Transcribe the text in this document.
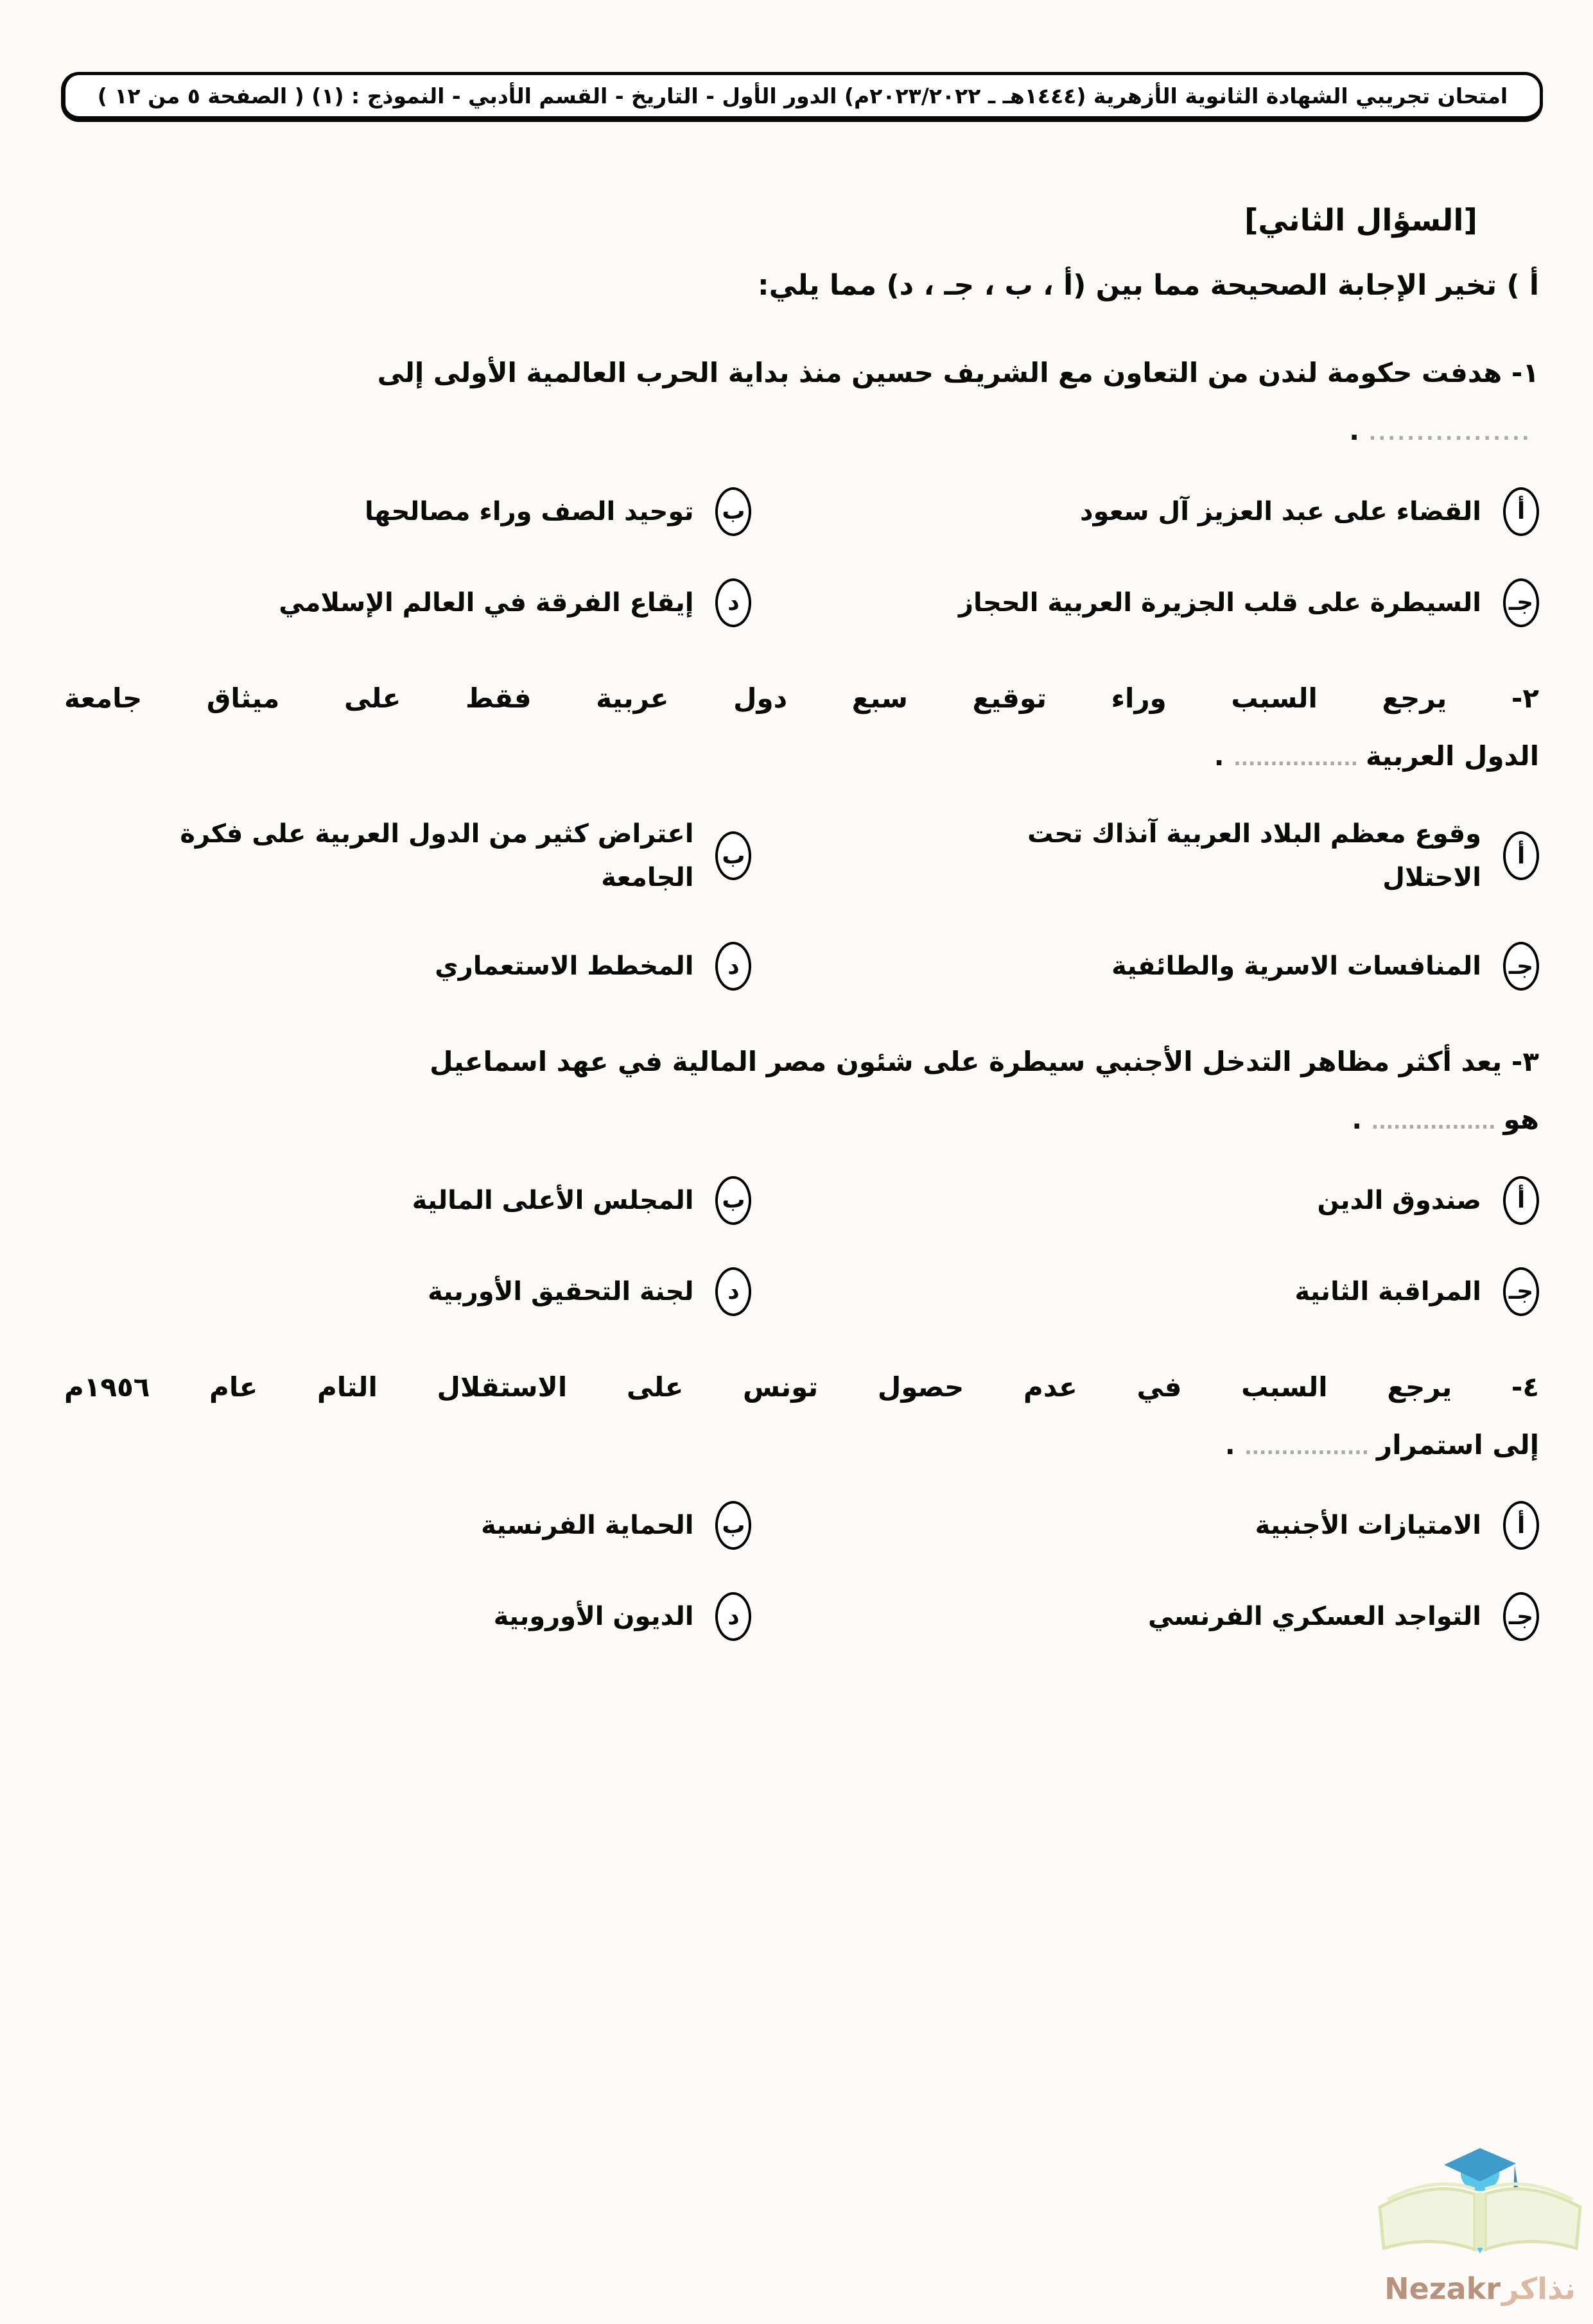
امتحان تجريبي الشهادة الثانوية الأزهرية (١٤٤٤هـ ـ ٢٠٢٣/٢٠٢٢م) الدور الأول - التاريخ - القسم الأدبي - النموذج : (١) ( الصفحة ٥ من ١٢ )
[السؤال الثاني]
أ ) تخير الإجابة الصحيحة مما بين (أ ، ب ، جـ ، د) مما يلي:
١- هدفت حكومة لندن من التعاون مع الشريف حسين منذ بداية الحرب العالمية الأولى إلى
................. .
أ
القضاء على عبد العزيز آل سعود
ب
توحيد الصف وراء مصالحها
جـ
السيطرة على قلب الجزيرة العربية الحجاز
د
إيقاع الفرقة في العالم الإسلامي
٢- يرجع السبب وراء توقيع سبع دول عربية فقط على ميثاق جامعة
الدول العربية................. .
أ
وقوع معظم البلاد العربية آنذاك تحت الاحتلال
ب
اعتراض كثير من الدول العربية على فكرة الجامعة
جـ
المنافسات الاسرية والطائفية
د
المخطط الاستعماري
٣- يعد أكثر مظاهر التدخل الأجنبي سيطرة على شئون مصر المالية في عهد اسماعيل
هو................. .
أ
صندوق الدين
ب
المجلس الأعلى المالية
جـ
المراقبة الثانية
د
لجنة التحقيق الأوربية
٤- يرجع السبب في عدم حصول تونس على الاستقلال التام عام ١٩٥٦م
إلى استمرار................. .
أ
الامتيازات الأجنبية
ب
الحماية الفرنسية
جـ
التواجد العسكري الفرنسي
د
الديون الأوروبية
Nezakr نذاكر
